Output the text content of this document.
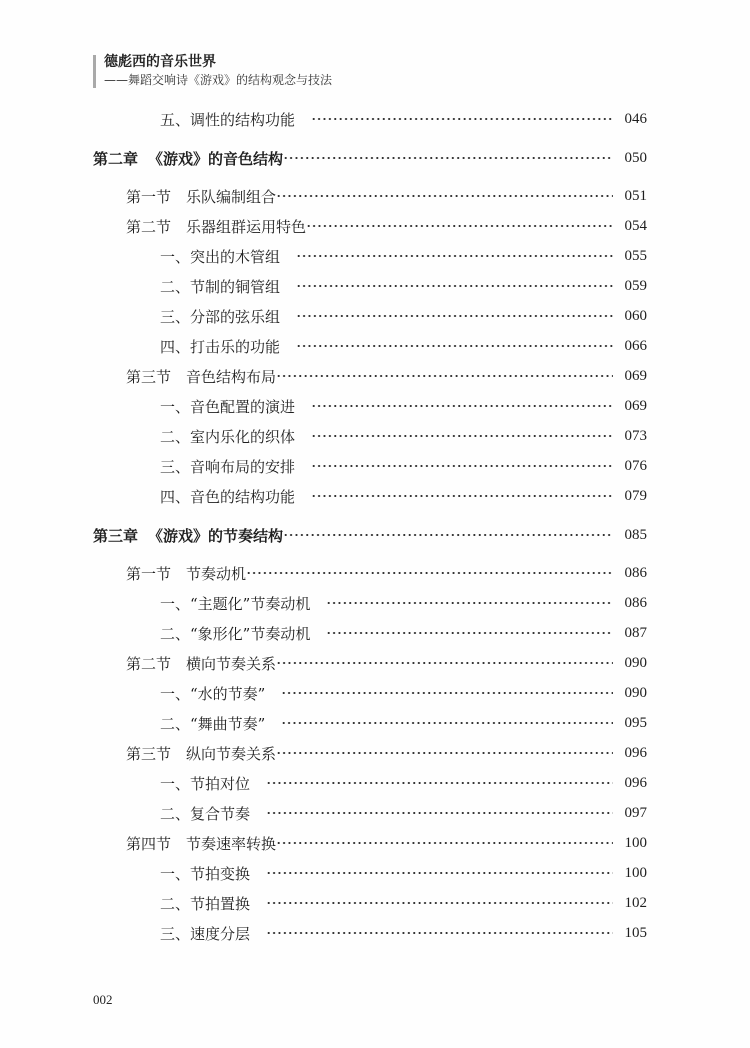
德彪西的音乐世界
——舞蹈交响诗《游戏》的结构观念与技法
五、调性的结构功能	046
第二章 《游戏》的音色结构	050
第一节 乐队编制组合	051
第二节 乐器组群运用特色	054
一、突出的木管组	055
二、节制的铜管组	059
三、分部的弦乐组	060
四、打击乐的功能	066
第三节 音色结构布局	069
一、音色配置的演进	069
二、室内乐化的织体	073
三、音响布局的安排	076
四、音色的结构功能	079
第三章 《游戏》的节奏结构	085
第一节 节奏动机	086
一、“主题化”节奏动机	086
二、“象形化”节奏动机	087
第二节 横向节奏关系	090
一、“水的节奏”	090
二、“舞曲节奏”	095
第三节 纵向节奏关系	096
一、节拍对位	096
二、复合节奏	097
第四节 节奏速率转换	100
一、节拍变换	100
二、节拍置换	102
三、速度分层	105
002
